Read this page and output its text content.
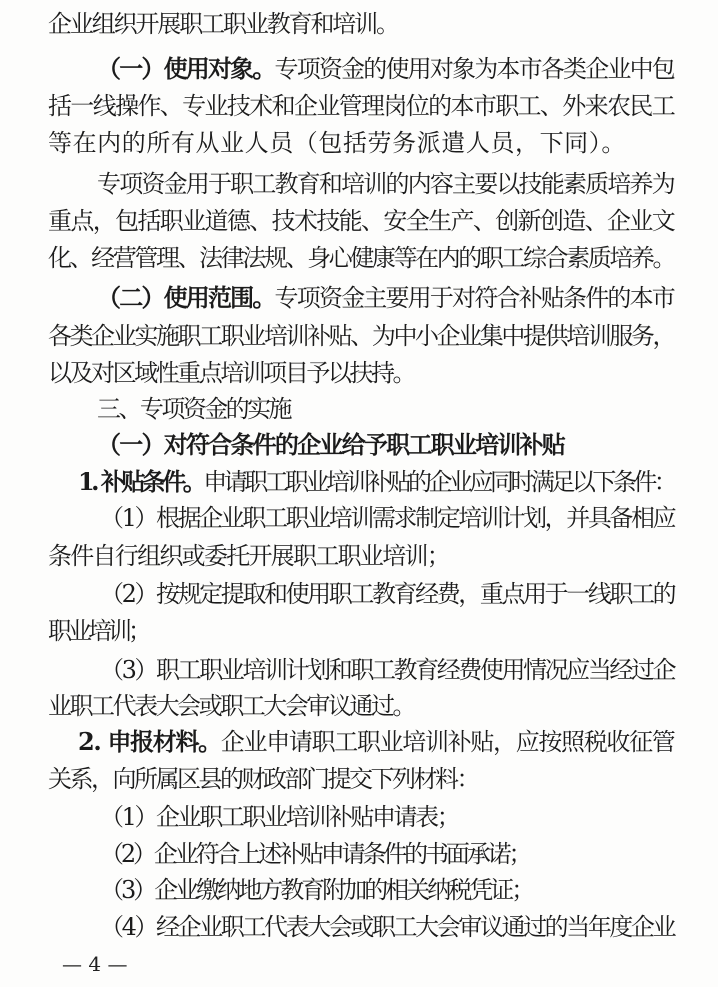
企业组织开展职工职业教育和培训。
（一）使用对象。专项资金的使用对象为本市各类企业中包
括一线操作、专业技术和企业管理岗位的本市职工、外来农民工
等在内的所有从业人员（包括劳务派遣人员，下同）。
专项资金用于职工教育和培训的内容主要以技能素质培养为
重点，包括职业道德、技术技能、安全生产、创新创造、企业文
化、经营管理、法律法规、身心健康等在内的职工综合素质培养。
（二）使用范围。专项资金主要用于对符合补贴条件的本市
各类企业实施职工职业培训补贴、为中小企业集中提供培训服务，
以及对区域性重点培训项目予以扶持。
三、专项资金的实施
（一）对符合条件的企业给予职工职业培训补贴
1. 补贴条件。申请职工职业培训补贴的企业应同时满足以下条件：
（1）根据企业职工职业培训需求制定培训计划，并具备相应
条件自行组织或委托开展职工职业培训；
（2）按规定提取和使用职工教育经费，重点用于一线职工的
职业培训；
（3）职工职业培训计划和职工教育经费使用情况应当经过企
业职工代表大会或职工大会审议通过。
2. 申报材料。企业申请职工职业培训补贴，应按照税收征管
关系，向所属区县的财政部门提交下列材料：
（1）企业职工职业培训补贴申请表；
（2）企业符合上述补贴申请条件的书面承诺；
（3）企业缴纳地方教育附加的相关纳税凭证；
（4）经企业职工代表大会或职工大会审议通过的当年度企业
— 4 —
